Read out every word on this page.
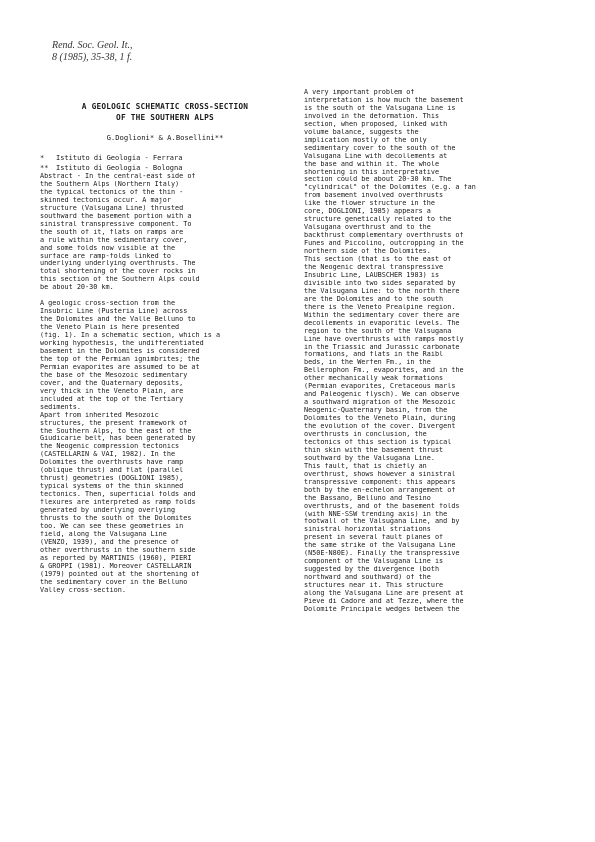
Rend. Soc. Geol. It.,
8 (1985), 35-38, 1 f.
A GEOLOGIC SCHEMATIC CROSS-SECTION
OF THE SOUTHERN ALPS
G.Doglioni* & A.Bosellini**
*	Istituto di Geologia - Ferrara
**	Istituto di Geologia - Bologna
Abstract - In the central-east side of
the Southern Alps (Northern Italy)
the typical tectonics of the thin -
skinned tectonics occur. A major
structure (Valsugana Line) thrusted
southward the basement portion with a
sinistral transpressive component. To
the south of it, flats on ramps are
a rule within the sedimentary cover,
and some folds now visible at the
surface are ramp-folds linked to
underlying underlying overthrusts. The
total shortening of the cover rocks in
this section of the Southern Alps could
be about 20-30 km.

A geologic cross-section from the
Insubric Line (Pusteria Line) across
the Dolomites and the Valle Belluno to
the Veneto Plain is here presented
(fig. 1). In a schematic section, which is a
working hypothesis, the undifferentiated
basement in the Dolomites is considered
the top of the Permian ignimbrites; the
Permian evaporites are assumed to be at
the base of the Mesozoic sedimentary
cover, and the Quaternary deposits,
very thick in the Veneto Plain, are
included at the top of the Tertiary
sediments.
Apart from inherited Mesozoic
structures, the present framework of
the Southern Alps, to the east of the
Giudicarie belt, has been generated by
the Neogenic compression tectonics
(CASTELLARIN & VAI, 1982). In the
Dolomites the overthrusts have ramp
(oblique thrust) and flat (parallel
thrust) geometries (DOGLIONI 1985),
typical systems of the thin skinned
tectonics. Then, superficial folds and
flexures are interpreted as ramp folds
generated by underlying overlying
thrusts to the south of the Dolomites
too. We can see these geometries in
field, along the Valsugana Line
(VENZO, 1939), and the presence of
other overthrusts in the southern side
as reported by MARTINIS (1960), PIERI
& GROPPI (1981). Moreover CASTELLARIN
(1979) pointed out at the shortening of
the sedimentary cover in the Belluno
Valley cross-section.
A very important problem of
interpretation is how much the basement
is the south of the Valsugana Line is
involved in the deformation. This
section, when proposed, linked with
volume balance, suggests the
implication mostly of the only
sedimentary cover to the south of the
Valsugana Line with decollements at
the base and within it. The whole
shortening in this interpretative
section could be about 20-30 km. The
"cylindrical" of the Dolomites (e.g. a fan
from basement involved overthrusts
like the flower structure in the
core, DOGLIONI, 1985) appears a
structure genetically related to the
Valsugana overthrust and to the
backthrust complementary overthrusts of
Funes and Piccolino, outcropping in the
northern side of the Dolomites.
This section (that is to the east of
the Neogenic dextral transpressive
Insubric Line, LAUBSCHER 1983) is
divisible into two sides separated by
the Valsugana Line: to the north there
are the Dolomites and to the south
there is the Veneto Prealpine region.
Within the sedimentary cover there are
decollements in evaporitic levels. The
region to the south of the Valsugana
Line have overthrusts with ramps mostly
in the Triassic and Jurassic carbonate
formations, and flats in the Raibl
beds, in the Werfen Fm., in the
Bellerophon Fm., evaporites, and in the
other mechanically weak formations
(Permian evaporites, Cretaceous marls
and Paleogenic flysch). We can observe
a southward migration of the Mesozoic
Neogenic-Quaternary basin, from the
Dolomites to the Veneto Plain, during
the evolution of the cover. Divergent
overthrusts in conclusion, the
tectonics of this section is typical
thin skin with the basement thrust
southward by the Valsugana Line.
This fault, that is chiefly an
overthrust, shows however a sinistral
transpressive component: this appears
both by the en-echelon arrangement of
the Bassano, Belluno and Tesino
overthrusts, and of the basement folds
(with NNE-SSW trending axis) in the
footwall of the Valsugana Line, and by
sinistral horizontal striations
present in several fault planes of
the same strike of the Valsugana Line
(N50E-N80E). Finally the transpressive
component of the Valsugana Line is
suggested by the divergence (both
northward and southward) of the
structures near it. This structure
along the Valsugana Line are present at
Pieve di Cadore and at Tezze, where the
Dolomite Principale wedges between the
